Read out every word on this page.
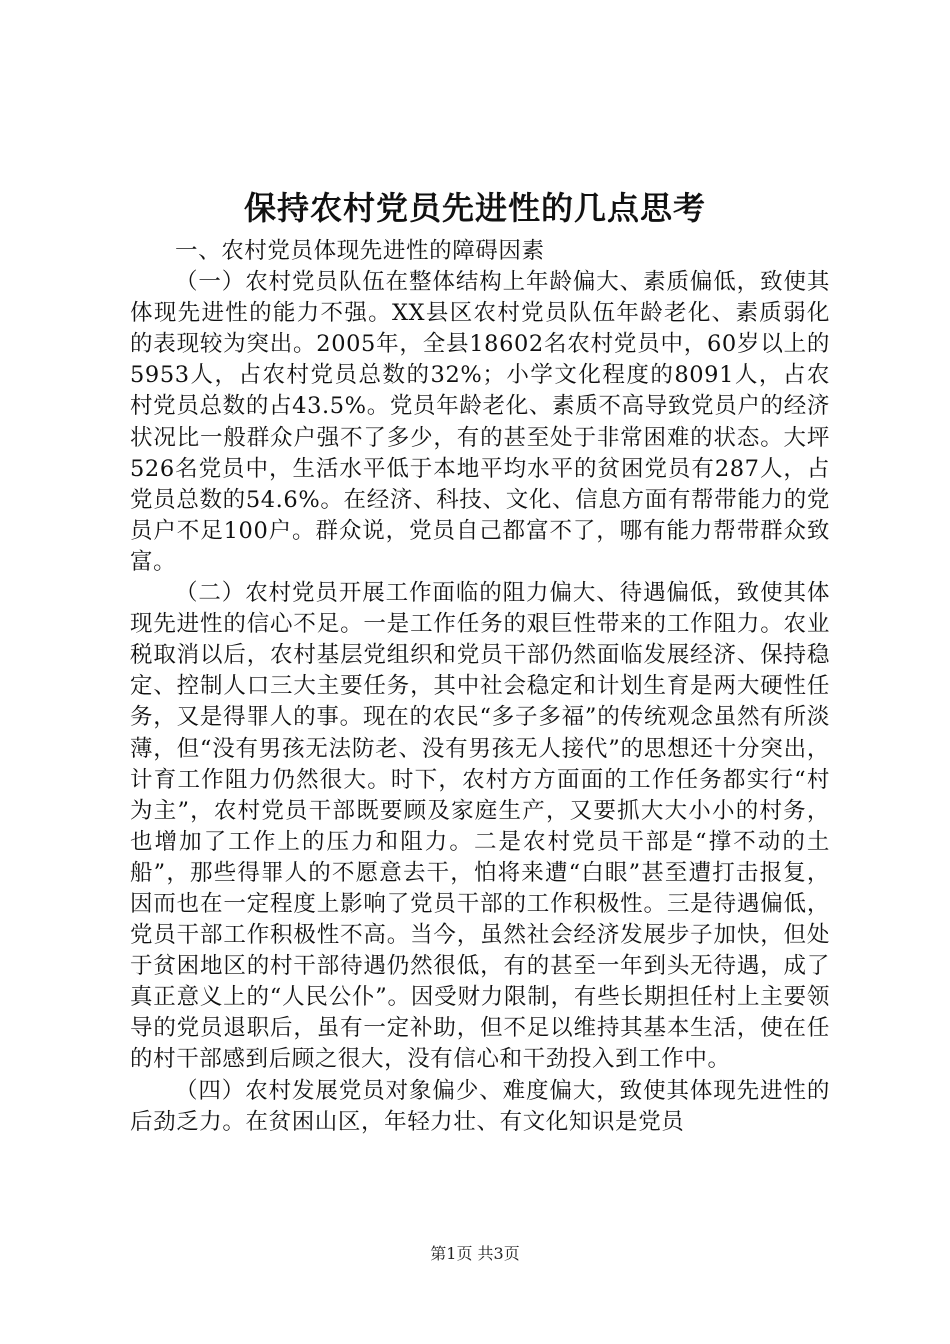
保持农村党员先进性的几点思考

一、农村党员体现先进性的障碍因素

（一）农村党员队伍在整体结构上年龄偏大、素质偏低，致使其体现先进性的能力不强。XX县区农村党员队伍年龄老化、素质弱化的表现较为突出。2005年，全县18602名农村党员中，60岁以上的5953人，占农村党员总数的32%；小学文化程度的8091人，占农村党员总数的占43.5%。党员年龄老化、素质不高导致党员户的经济状况比一般群众户强不了多少，有的甚至处于非常困难的状态。大坪526名党员中，生活水平低于本地平均水平的贫困党员有287人，占党员总数的54.6%。在经济、科技、文化、信息方面有帮带能力的党员户不足100户。群众说，党员自己都富不了，哪有能力帮带群众致富。

（二）农村党员开展工作面临的阻力偏大、待遇偏低，致使其体现先进性的信心不足。一是工作任务的艰巨性带来的工作阻力。农业税取消以后，农村基层党组织和党员干部仍然面临发展经济、保持稳定、控制人口三大主要任务，其中社会稳定和计划生育是两大硬性任务，又是得罪人的事。现在的农民“多子多福”的传统观念虽然有所淡薄，但“没有男孩无法防老、没有男孩无人接代”的思想还十分突出，计育工作阻力仍然很大。时下，农村方方面面的工作任务都实行“村为主”，农村党员干部既要顾及家庭生产，又要抓大大小小的村务，也增加了工作上的压力和阻力。二是农村党员干部是“撑不动的土船”，那些得罪人的不愿意去干，怕将来遭“白眼”甚至遭打击报复，因而也在一定程度上影响了党员干部的工作积极性。三是待遇偏低，党员干部工作积极性不高。当今，虽然社会经济发展步子加快，但处于贫困地区的村干部待遇仍然很低，有的甚至一年到头无待遇，成了真正意义上的“人民公仆”。因受财力限制，有些长期担任村上主要领导的党员退职后，虽有一定补助，但不足以维持其基本生活，使在任的村干部感到后顾之很大，没有信心和干劲投入到工作中。

（四）农村发展党员对象偏少、难度偏大，致使其体现先进性的后劲乏力。在贫困山区，年轻力壮、有文化知识是党员

第1页 共3页
